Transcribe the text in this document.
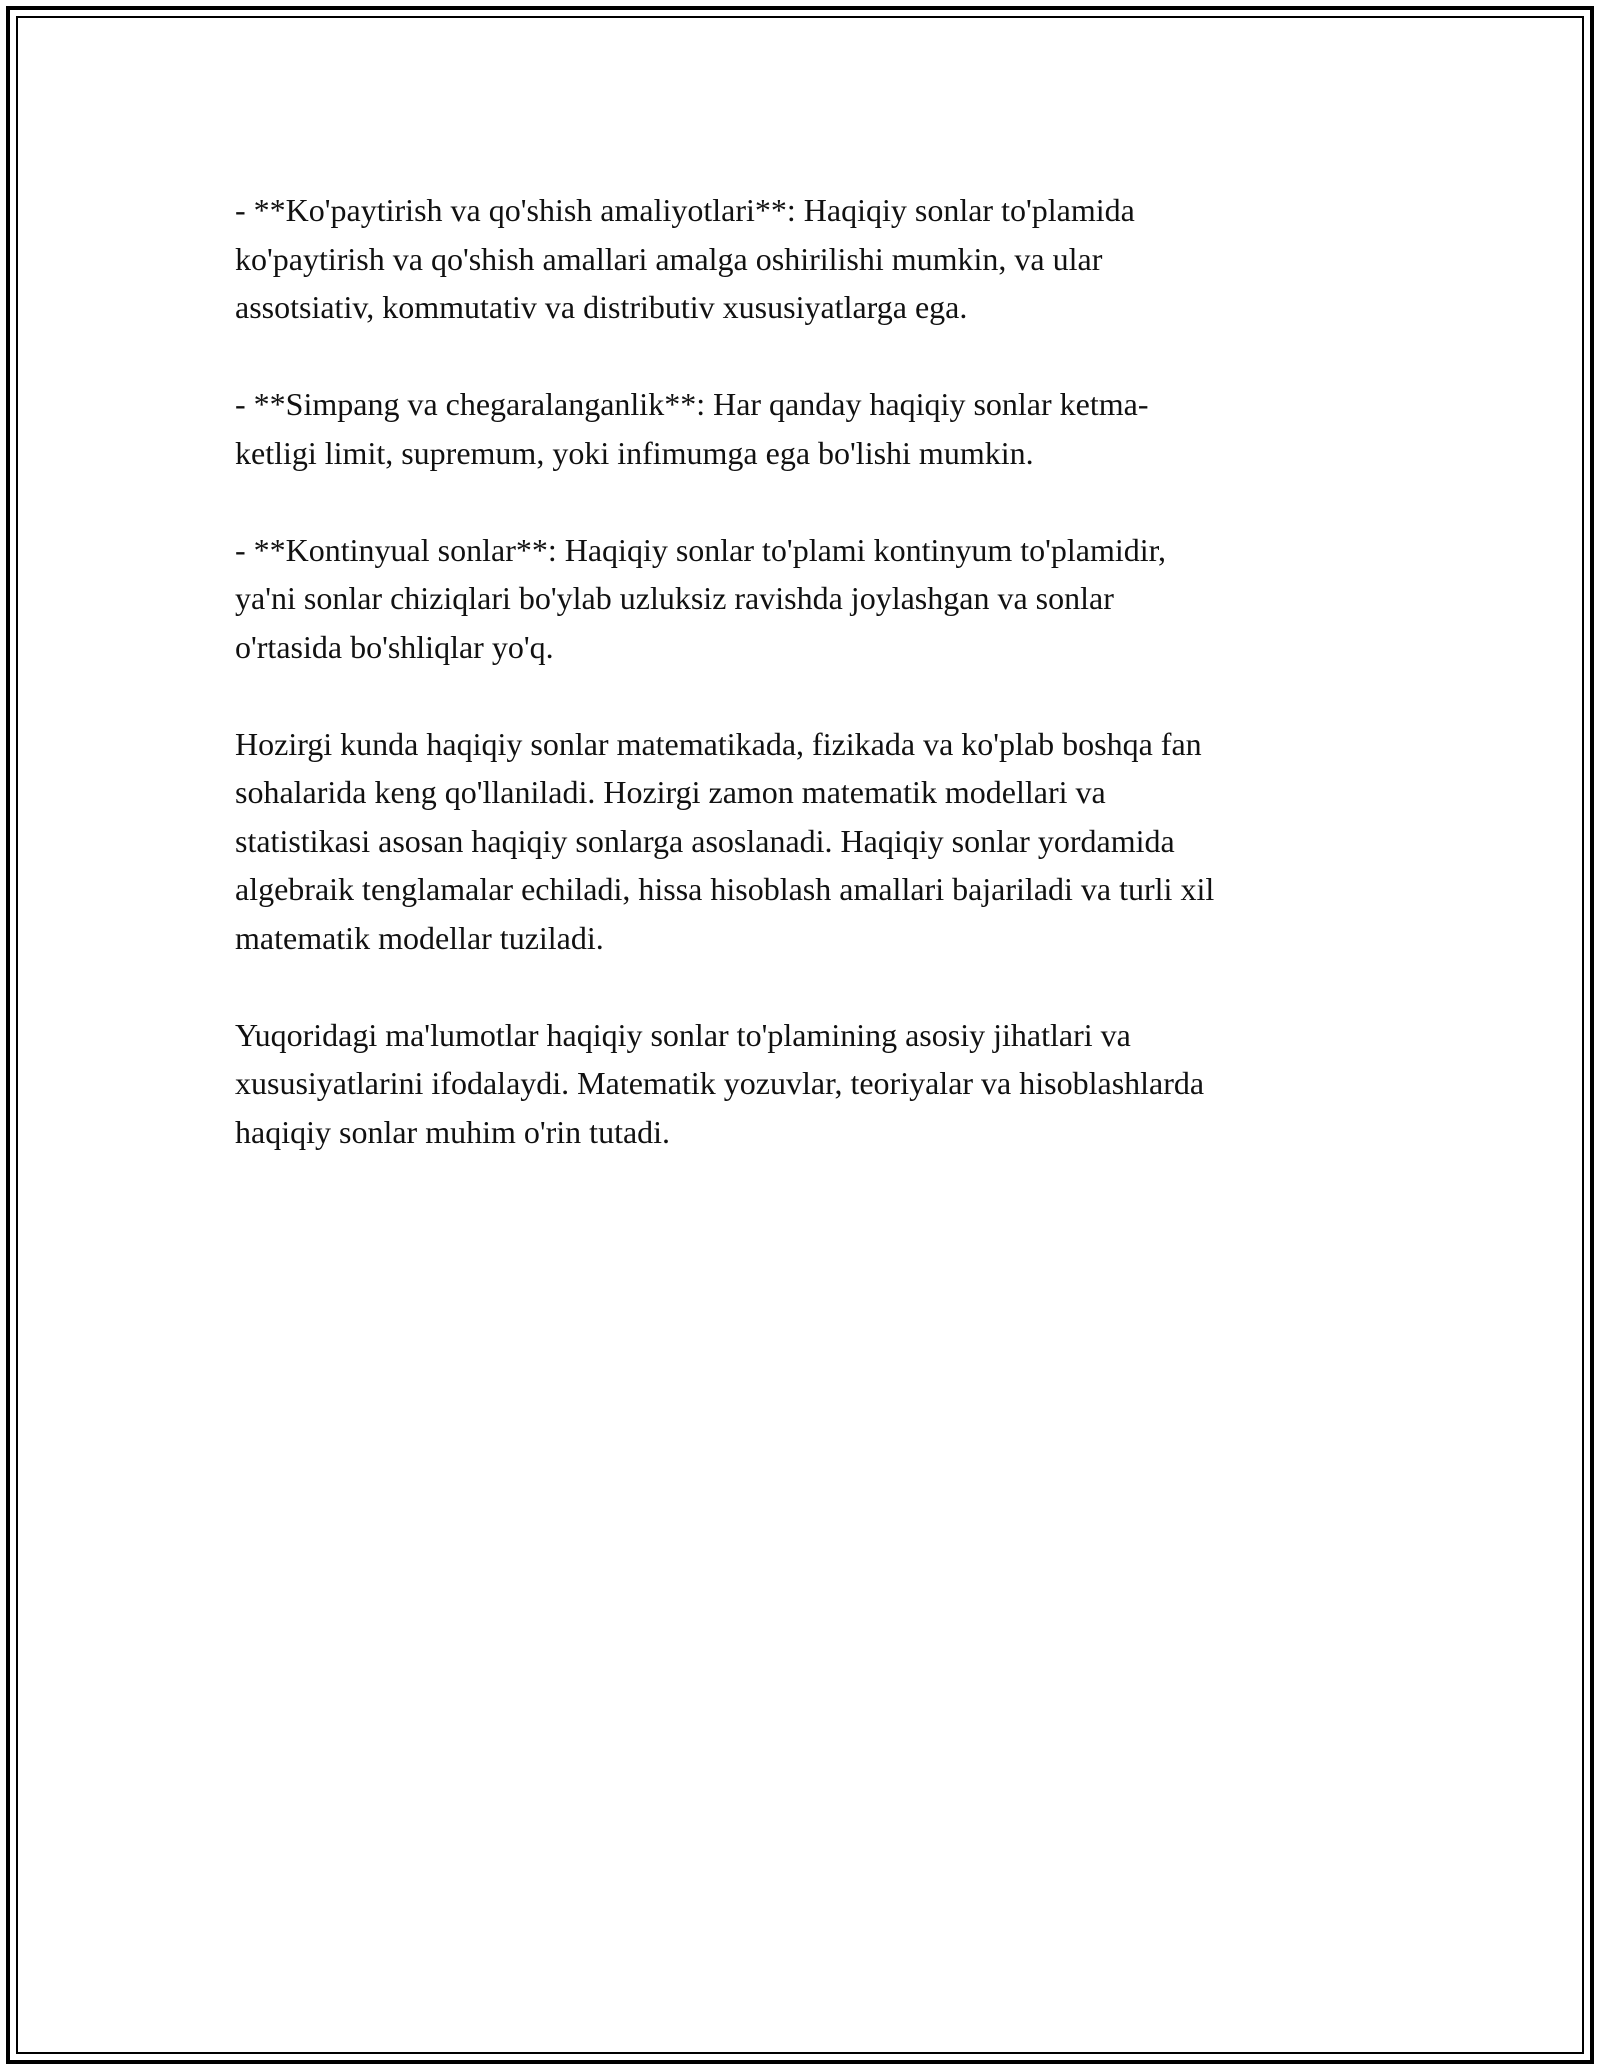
- **Ko'paytirish va qo'shish amaliyotlari**: Haqiqiy sonlar to'plamida
ko'paytirish va qo'shish amallari amalga oshirilishi mumkin, va ular
assotsiativ, kommutativ va distributiv xususiyatlarga ega.

- **Simpang va chegaralanganlik**: Har qanday haqiqiy sonlar ketma-
ketligi limit, supremum, yoki infimumga ega bo'lishi mumkin.

- **Kontinyual sonlar**: Haqiqiy sonlar to'plami kontinyum to'plamidir,
ya'ni sonlar chiziqlari bo'ylab uzluksiz ravishda joylashgan va sonlar
o'rtasida bo'shliqlar yo'q.

Hozirgi kunda haqiqiy sonlar matematikada, fizikada va ko'plab boshqa fan
sohalarida keng qo'llaniladi. Hozirgi zamon matematik modellari va
statistikasi asosan haqiqiy sonlarga asoslanadi. Haqiqiy sonlar yordamida
algebraik tenglamalar echiladi, hissa hisoblash amallari bajariladi va turli xil
matematik modellar tuziladi.

Yuqoridagi ma'lumotlar haqiqiy sonlar to'plamining asosiy jihatlari va
xususiyatlarini ifodalaydi. Matematik yozuvlar, teoriyalar va hisoblashlarda
haqiqiy sonlar muhim o'rin tutadi.
